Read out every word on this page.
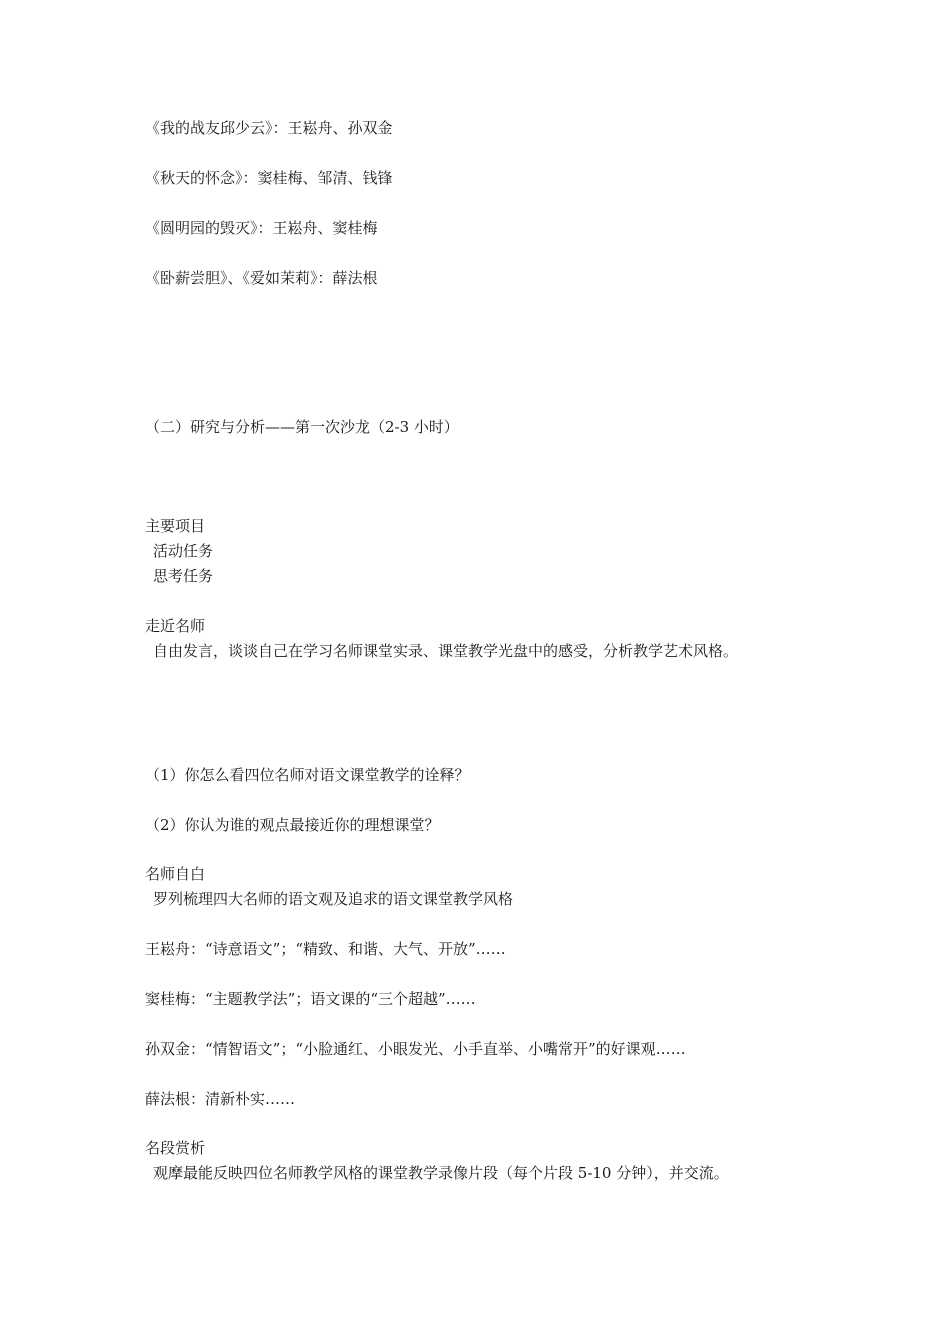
《我的战友邱少云》：王崧舟、孙双金
《秋天的怀念》：窦桂梅、邹清、钱锋
《圆明园的毁灭》：王崧舟、窦桂梅
《卧薪尝胆》、《爱如茉莉》：薛法根
（二）研究与分析——第一次沙龙（2-3 小时）
主要项目
活动任务
思考任务
走近名师
自由发言，谈谈自己在学习名师课堂实录、课堂教学光盘中的感受，分析教学艺术风格。
（1）你怎么看四位名师对语文课堂教学的诠释？
（2）你认为谁的观点最接近你的理想课堂？
名师自白
罗列梳理四大名师的语文观及追求的语文课堂教学风格
王崧舟：“诗意语文”；“精致、和谐、大气、开放”……
窦桂梅：“主题教学法”；语文课的“三个超越”……
孙双金：“情智语文”；“小脸通红、小眼发光、小手直举、小嘴常开”的好课观……
薛法根：清新朴实……
名段赏析
观摩最能反映四位名师教学风格的课堂教学录像片段（每个片段 5-10 分钟），并交流。
